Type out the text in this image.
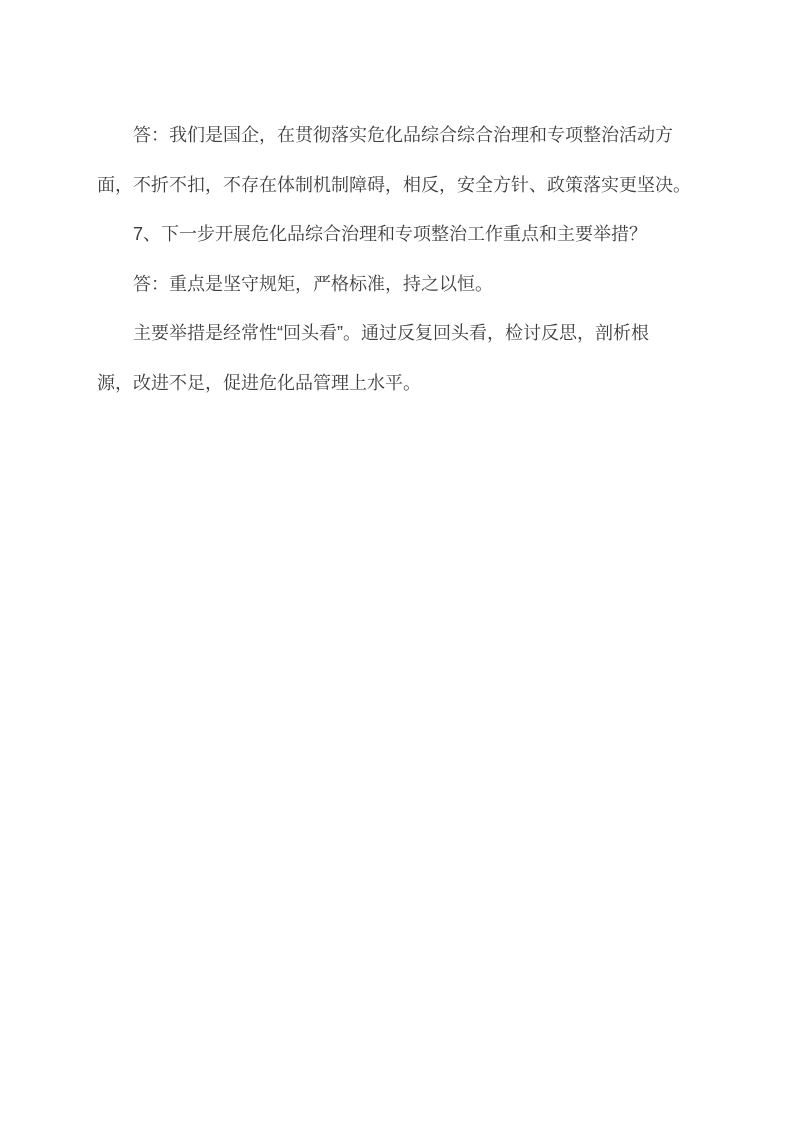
答：我们是国企，在贯彻落实危化品综合综合治理和专项整治活动方
面，不折不扣，不存在体制机制障碍，相反，安全方针、政策落实更坚决。
7、下一步开展危化品综合治理和专项整治工作重点和主要举措？
答：重点是坚守规矩，严格标准，持之以恒。
主要举措是经常性“回头看”。通过反复回头看，检讨反思，剖析根
源，改进不足，促进危化品管理上水平。
